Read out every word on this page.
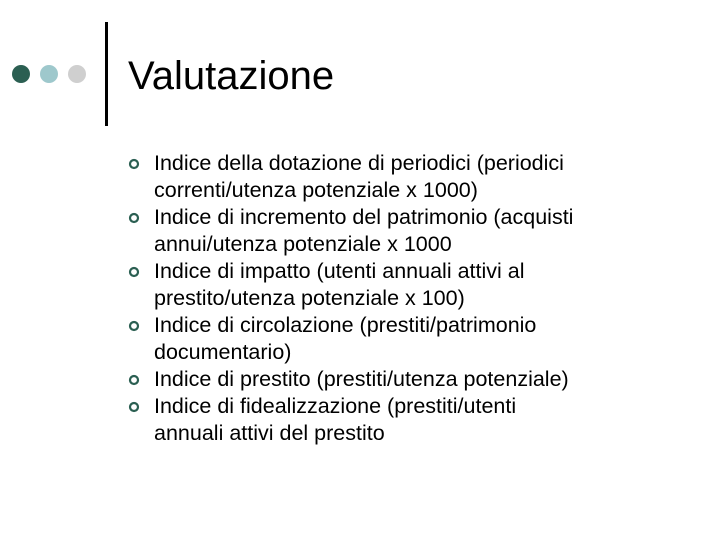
Valutazione
Indice della dotazione di periodici (periodici
correnti/utenza potenziale x 1000)
Indice di incremento del patrimonio (acquisti
annui/utenza potenziale x 1000
Indice di impatto (utenti annuali attivi al
prestito/utenza potenziale x 100)
Indice di circolazione (prestiti/patrimonio
documentario)
Indice di prestito (prestiti/utenza potenziale)
Indice di fidealizzazione (prestiti/utenti
annuali attivi del prestito
